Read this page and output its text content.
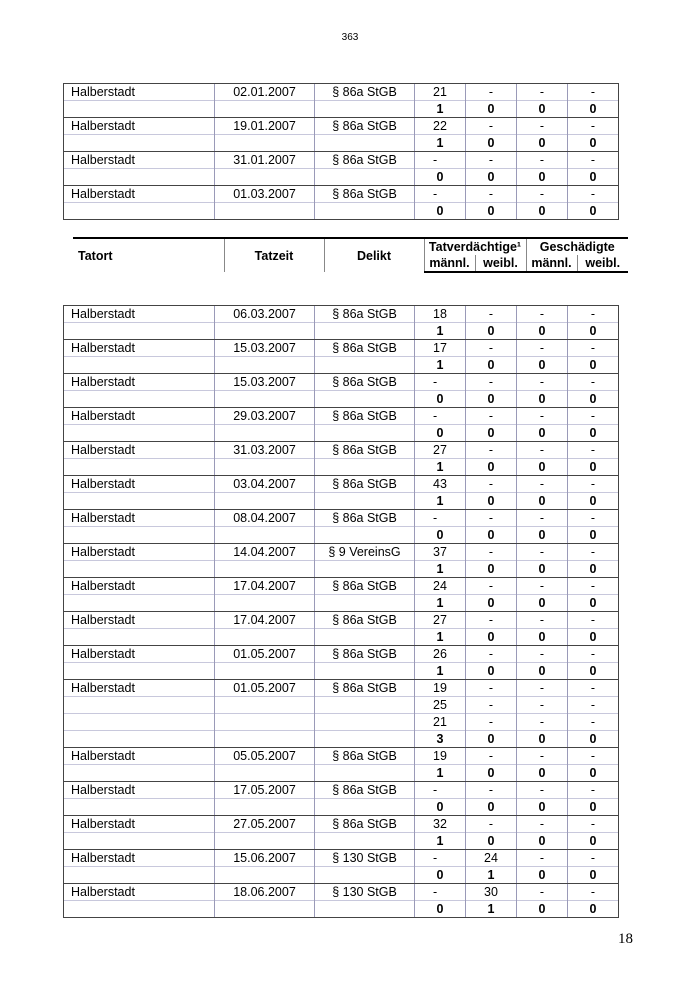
363
Halberstadt	02.01.2007	§ 86a StGB	21	-	-	-
			1	0	0	0
Halberstadt	19.01.2007	§ 86a StGB	22	-	-	-
			1	0	0	0
Halberstadt	31.01.2007	§ 86a StGB	-	-	-	-
			0	0	0	0
Halberstadt	01.03.2007	§ 86a StGB	-	-	-	-
			0	0	0	0
Tatort	Tatzeit	Delikt	Tatverdächtige¹		Geschädigte	
			männl.	weibl.	männl.	weibl.
Halberstadt	06.03.2007	§ 86a StGB	18	-	-	-
			1	0	0	0
Halberstadt	15.03.2007	§ 86a StGB	17	-	-	-
			1	0	0	0
Halberstadt	15.03.2007	§ 86a StGB	-	-	-	-
			0	0	0	0
Halberstadt	29.03.2007	§ 86a StGB	-	-	-	-
			0	0	0	0
Halberstadt	31.03.2007	§ 86a StGB	27	-	-	-
			1	0	0	0
Halberstadt	03.04.2007	§ 86a StGB	43	-	-	-
			1	0	0	0
Halberstadt	08.04.2007	§ 86a StGB	-	-	-	-
			0	0	0	0
Halberstadt	14.04.2007	§ 9 VereinsG	37	-	-	-
			1	0	0	0
Halberstadt	17.04.2007	§ 86a StGB	24	-	-	-
			1	0	0	0
Halberstadt	17.04.2007	§ 86a StGB	27	-	-	-
			1	0	0	0
Halberstadt	01.05.2007	§ 86a StGB	26	-	-	-
			1	0	0	0
Halberstadt	01.05.2007	§ 86a StGB	19	-	-	-
			25	-	-	-
			21	-	-	-
			3	0	0	0
Halberstadt	05.05.2007	§ 86a StGB	19	-	-	-
			1	0	0	0
Halberstadt	17.05.2007	§ 86a StGB	-	-	-	-
			0	0	0	0
Halberstadt	27.05.2007	§ 86a StGB	32	-	-	-
			1	0	0	0
Halberstadt	15.06.2007	§ 130 StGB	-	24	-	-
			0	1	0	0
Halberstadt	18.06.2007	§ 130 StGB	-	30	-	-
			0	1	0	0
18
